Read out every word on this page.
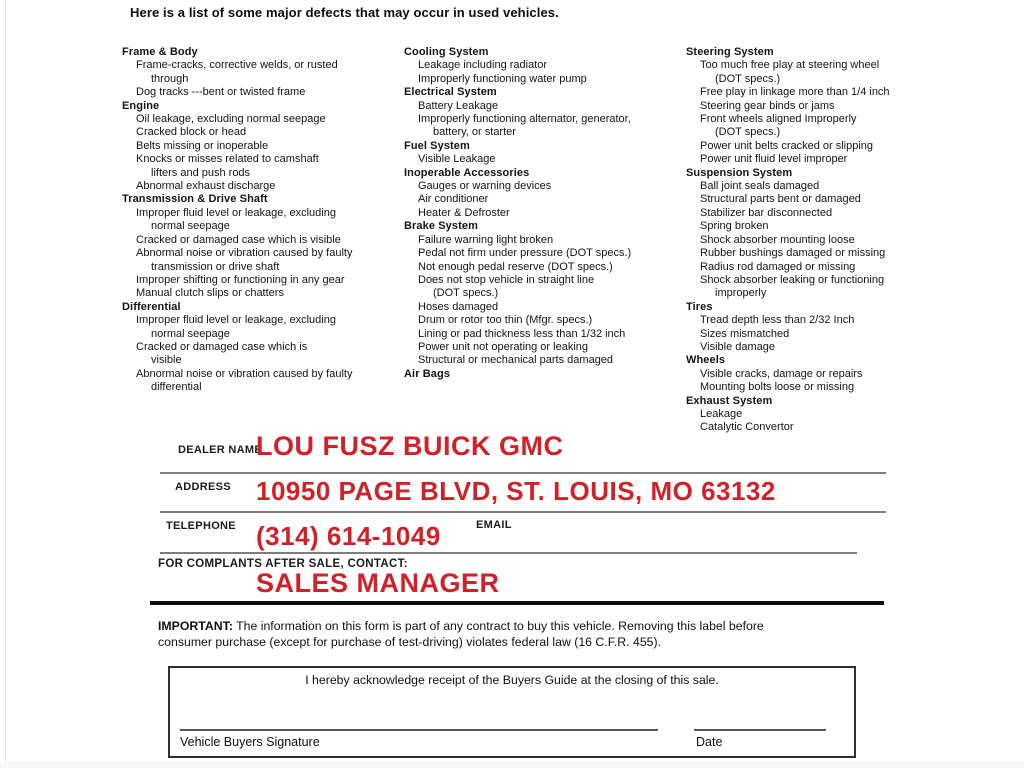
Here is a list of some major defects that may occur in used vehicles.
Frame & Body
Frame-cracks, corrective welds, or rusted
through
Dog tracks ---bent or twisted frame
Engine
Oil leakage, excluding normal seepage
Cracked block or head
Belts missing or inoperable
Knocks or misses related to camshaft
lifters and push rods
Abnormal exhaust discharge
Transmission & Drive Shaft
Improper fluid level or leakage, excluding
normal seepage
Cracked or damaged case which is visible
Abnormal noise or vibration caused by faulty
transmission or drive shaft
Improper shifting or functioning in any gear
Manual clutch slips or chatters
Differential
Improper fluid level or leakage, excluding
normal seepage
Cracked or damaged case which is
visible
Abnormal noise or vibration caused by faulty
differential
Cooling System
Leakage including radiator
Improperly functioning water pump
Electrical System
Battery Leakage
Improperly functioning alternator, generator,
battery, or starter
Fuel System
Visible Leakage
Inoperable Accessories
Gauges or warning devices
Air conditioner
Heater & Defroster
Brake System
Failure warning light broken
Pedal not firm under pressure (DOT specs.)
Not enough pedal reserve (DOT specs.)
Does not stop vehicle in straight line
(DOT specs.)
Hoses damaged
Drum or rotor too thin (Mfgr. specs.)
Lining or pad thickness less than 1/32 inch
Power unit not operating or leaking
Structural or mechanical parts damaged
Air Bags
Steering System
Too much free play at steering wheel
(DOT specs.)
Free play in linkage more than 1/4 inch
Steering gear binds or jams
Front wheels aligned Improperly
(DOT specs.)
Power unit belts cracked or slipping
Power unit fluid level improper
Suspension System
Ball joint seals damaged
Structural parts bent or damaged
Stabilizer bar disconnected
Spring broken
Shock absorber mounting loose
Rubber bushings damaged or missing
Radius rod damaged or missing
Shock absorber leaking or functioning
improperly
Tires
Tread depth less than 2/32 Inch
Sizes mismatched
Visible damage
Wheels
Visible cracks, damage or repairs
Mounting bolts loose or missing
Exhaust System
Leakage
Catalytic Convertor
DEALER NAME
LOU FUSZ BUICK GMC
ADDRESS 10950 PAGE BLVD, ST. LOUIS, MO 63132
TELEPHONE (314) 614-1049	EMAIL
FOR COMPLANTS AFTER SALE, CONTACT:
SALES MANAGER
IMPORTANT: The information on this form is part of any contract to buy this vehicle. Removing this label before consumer purchase (except for purchase of test-driving) violates federal law (16 C.F.R. 455).
I hereby acknowledge receipt of the Buyers Guide at the closing of this sale.
Vehicle Buyers Signature	Date
